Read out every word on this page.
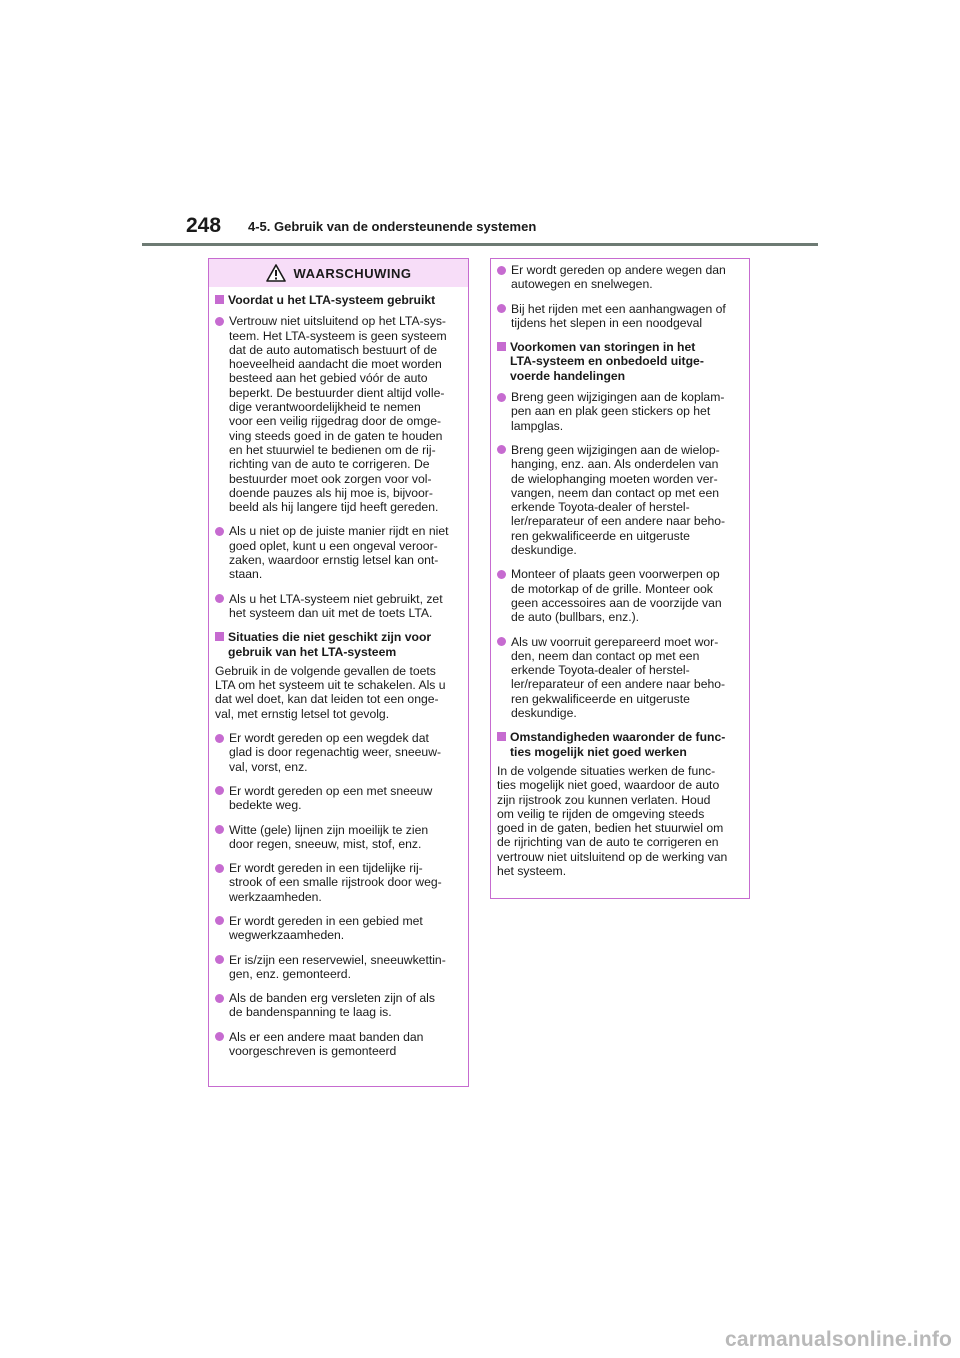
248 4-5. Gebruik van de ondersteunende systemen
WAARSCHUWING
Voordat u het LTA-systeem gebruikt
Vertrouw niet uitsluitend op het LTA-sys-
teem. Het LTA-systeem is geen systeem
dat de auto automatisch bestuurt of de
hoeveelheid aandacht die moet worden
besteed aan het gebied vóór de auto
beperkt. De bestuurder dient altijd volle-
dige verantwoordelijkheid te nemen
voor een veilig rijgedrag door de omge-
ving steeds goed in de gaten te houden
en het stuurwiel te bedienen om de rij-
richting van de auto te corrigeren. De
bestuurder moet ook zorgen voor vol-
doende pauzes als hij moe is, bijvoor-
beeld als hij langere tijd heeft gereden.
Als u niet op de juiste manier rijdt en niet
goed oplet, kunt u een ongeval veroor-
zaken, waardoor ernstig letsel kan ont-
staan.
Als u het LTA-systeem niet gebruikt, zet
het systeem dan uit met de toets LTA.
Situaties die niet geschikt zijn voor
gebruik van het LTA-systeem
Gebruik in de volgende gevallen de toets
LTA om het systeem uit te schakelen. Als u
dat wel doet, kan dat leiden tot een onge-
val, met ernstig letsel tot gevolg.
Er wordt gereden op een wegdek dat
glad is door regenachtig weer, sneeuw-
val, vorst, enz.
Er wordt gereden op een met sneeuw
bedekte weg.
Witte (gele) lijnen zijn moeilijk te zien
door regen, sneeuw, mist, stof, enz.
Er wordt gereden in een tijdelijke rij-
strook of een smalle rijstrook door weg-
werkzaamheden.
Er wordt gereden in een gebied met
wegwerkzaamheden.
Er is/zijn een reservewiel, sneeuwkettin-
gen, enz. gemonteerd.
Als de banden erg versleten zijn of als
de bandenspanning te laag is.
Als er een andere maat banden dan
voorgeschreven is gemonteerd
Er wordt gereden op andere wegen dan
autowegen en snelwegen.
Bij het rijden met een aanhangwagen of
tijdens het slepen in een noodgeval
Voorkomen van storingen in het
LTA-systeem en onbedoeld uitge-
voerde handelingen
Breng geen wijzigingen aan de koplam-
pen aan en plak geen stickers op het
lampglas.
Breng geen wijzigingen aan de wielop-
hanging, enz. aan. Als onderdelen van
de wielophanging moeten worden ver-
vangen, neem dan contact op met een
erkende Toyota-dealer of herstel-
ler/reparateur of een andere naar beho-
ren gekwalificeerde en uitgeruste
deskundige.
Monteer of plaats geen voorwerpen op
de motorkap of de grille. Monteer ook
geen accessoires aan de voorzijde van
de auto (bullbars, enz.).
Als uw voorruit gerepareerd moet wor-
den, neem dan contact op met een
erkende Toyota-dealer of herstel-
ler/reparateur of een andere naar beho-
ren gekwalificeerde en uitgeruste
deskundige.
Omstandigheden waaronder de func-
ties mogelijk niet goed werken
In de volgende situaties werken de func-
ties mogelijk niet goed, waardoor de auto
zijn rijstrook zou kunnen verlaten. Houd
om veilig te rijden de omgeving steeds
goed in de gaten, bedien het stuurwiel om
de rijrichting van de auto te corrigeren en
vertrouw niet uitsluitend op de werking van
het systeem.
carmanualsonline.info
